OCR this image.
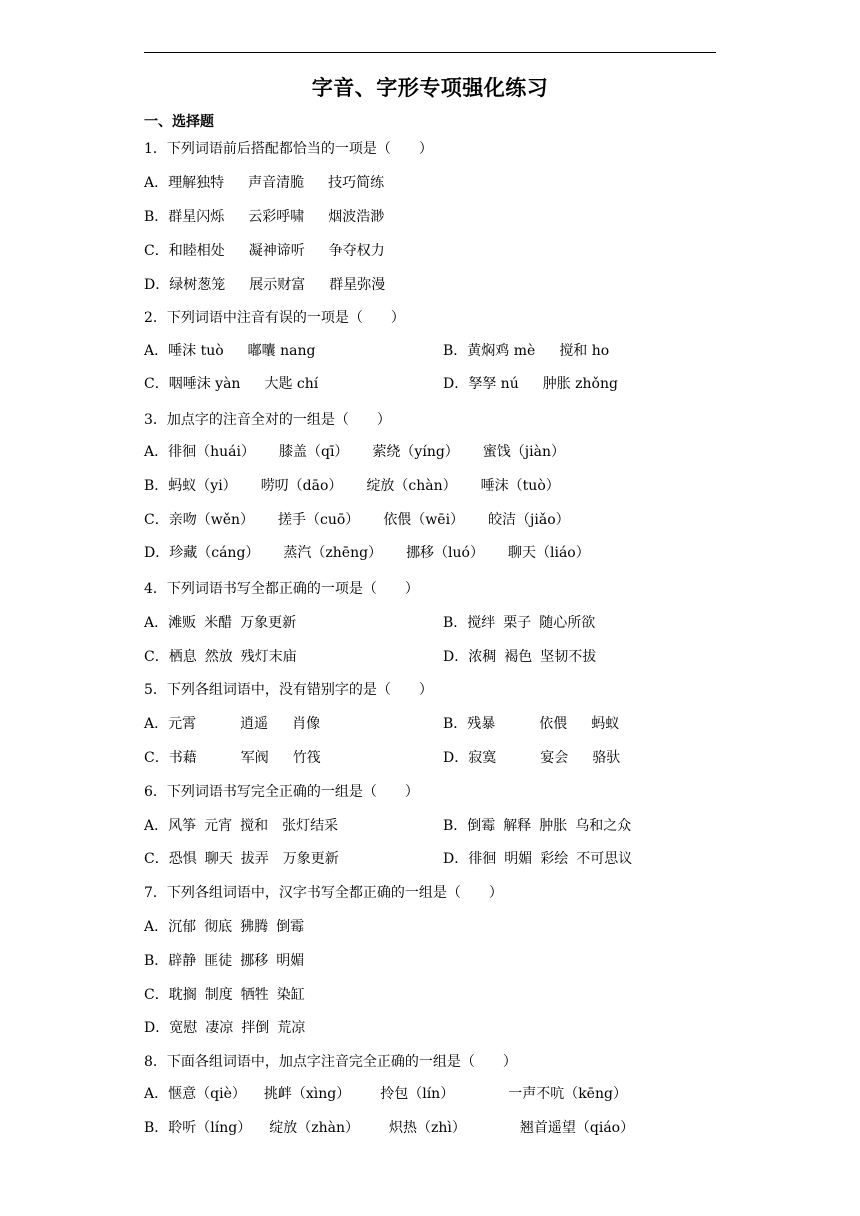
字音、字形专项强化练习
一、选择题
1．下列词语前后搭配都恰当的一项是（　　）
A．理解独特 声音清脆 技巧简练
B．群星闪烁 云彩呼啸 烟波浩渺
C．和睦相处 凝神谛听 争夺权力
D．绿树葱笼 展示财富 群星弥漫
2．下列词语中注音有误的一项是（　　）
A．唾沫 tuò 嘟囔 nang	B．黄焖鸡 mè 搅和 ho
C．咽唾沫 yàn 大匙 chí	D．孥孥 nú 肿胀 zhǒng
3．加点字的注音全对的一组是（　　）
A．徘徊（huái） 膝盖（qī） 萦绕（yíng） 蜜饯（jiàn）
B．蚂蚁（yi） 唠叨（dāo） 绽放（chàn） 唾沫（tuò）
C．亲吻（wěn） 搓手（cuō） 依偎（wēi） 皎洁（jiǎo）
D．珍藏（cáng） 蒸汽（zhēng） 挪移（luó） 聊天（liáo）
4．下列词语书写全都正确的一项是（　　）
A．滩贩 米醋 万象更新	B．搅绊 栗子 随心所欲
C．栖息 然放 残灯末庙	D．浓稠 褐色 坚韧不拔
5．下列各组词语中，没有错别字的是（　　）
A．元霄	逍遥 肖像	B．残暴	依偎 蚂蚁
C．书藉	军阀 竹筏	D．寂寞	宴会 骆驮
6．下列词语书写完全正确的一组是（　　）
A．风筝 元宵 搅和 张灯结采	B．倒霉 解释 肿胀 乌和之众
C．恐惧 聊天 拔弄 万象更新	D．徘徊 明媚 彩绘 不可思议
7．下列各组词语中，汉字书写全都正确的一组是（　　）
A．沉郁 彻底 狒腾 倒霉
B．辟静 匪徒 挪移 明媚
C．耽搁 制度 牺牲 染缸
D．宽慰 凄凉 拌倒 荒凉
8．下面各组词语中，加点字注音完全正确的一组是（　　）
A．惬意（qiè） 挑衅（xìng） 拎包（lín）	一声不吭（kēng）
B．聆听（líng） 绽放（zhàn） 炽热（zhì）	翘首遥望（qiáo）
